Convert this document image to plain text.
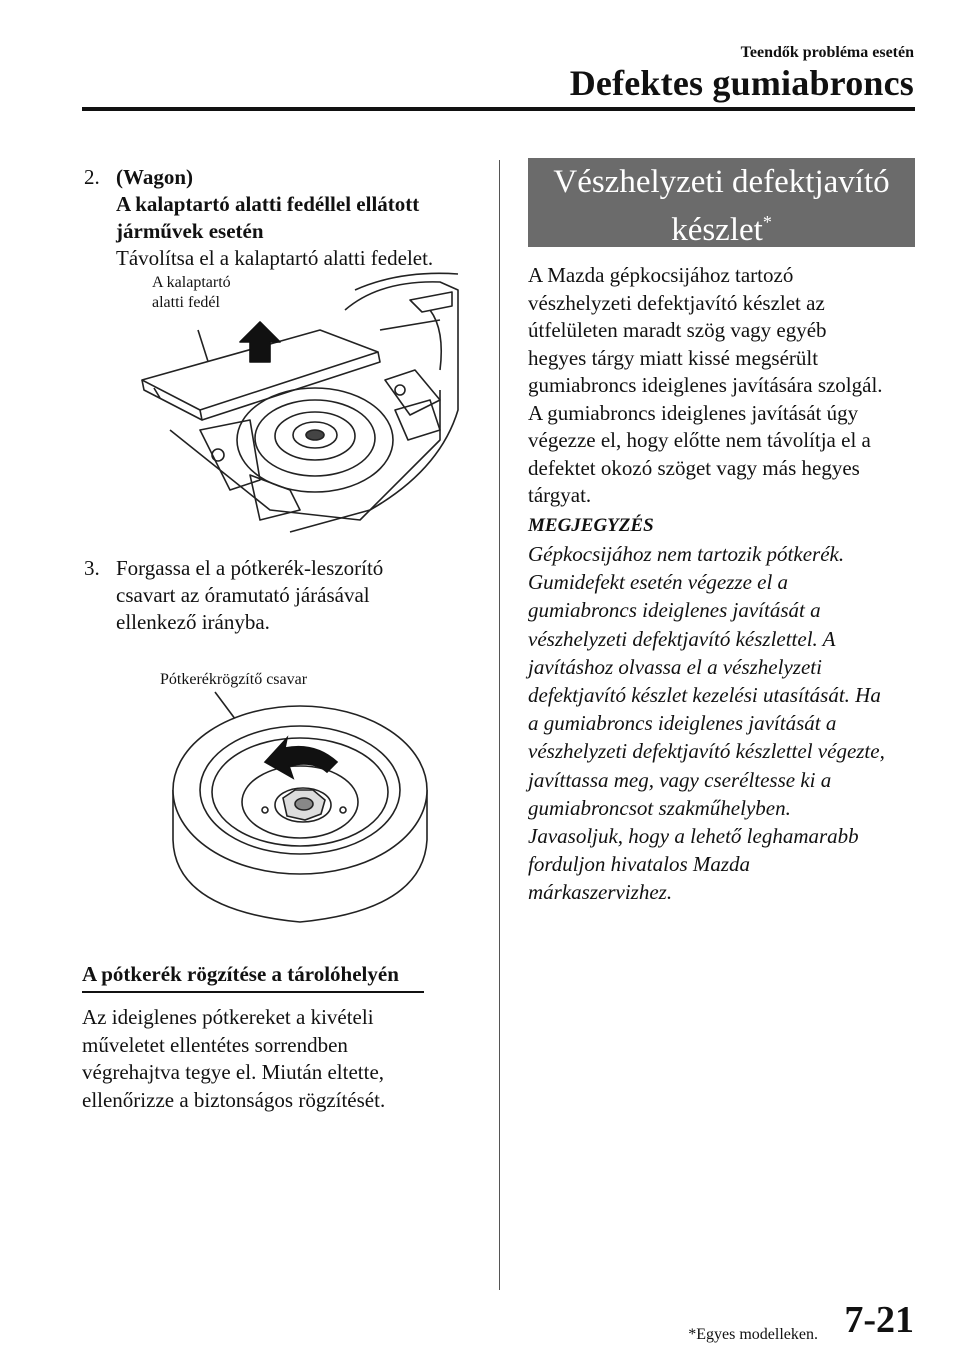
Teendők probléma esetén
Defektes gumiabroncs
2. (Wagon)
A kalaptartó alatti fedéllel ellátott
járművek esetén
Távolítsa el a kalaptartó alatti fedelet.
A kalaptartó
alatti fedél
3. Forgassa el a pótkerék-leszorító
csavart az óramutató járásával
ellenkező irányba.
Pótkerékrögzítő csavar
A pótkerék rögzítése a tárolóhelyén
Az ideiglenes pótkereket a kivételi
műveletet ellentétes sorrendben
végrehajtva tegye el. Miután eltette,
ellenőrizze a biztonságos rögzítését.
Vészhelyzeti defektjavító
készlet*
A Mazda gépkocsijához tartozó
vészhelyzeti defektjavító készlet az
útfelületen maradt szög vagy egyéb
hegyes tárgy miatt kissé megsérült
gumiabroncs ideiglenes javítására szolgál.
A gumiabroncs ideiglenes javítását úgy
végezze el, hogy előtte nem távolítja el a
defektet okozó szöget vagy más hegyes
tárgyat.
MEGJEGYZÉS
Gépkocsijához nem tartozik pótkerék.
Gumidefekt esetén végezze el a
gumiabroncs ideiglenes javítását a
vészhelyzeti defektjavító készlettel. A
javításhoz olvassa el a vészhelyzeti
defektjavító készlet kezelési utasítását. Ha
a gumiabroncs ideiglenes javítását a
vészhelyzeti defektjavító készlettel végezte,
javíttassa meg, vagy cseréltesse ki a
gumiabroncsot szakműhelyben.
Javasoljuk, hogy a lehető leghamarabb
forduljon hivatalos Mazda
márkaszervizhez.
*Egyes modelleken. 7-21
